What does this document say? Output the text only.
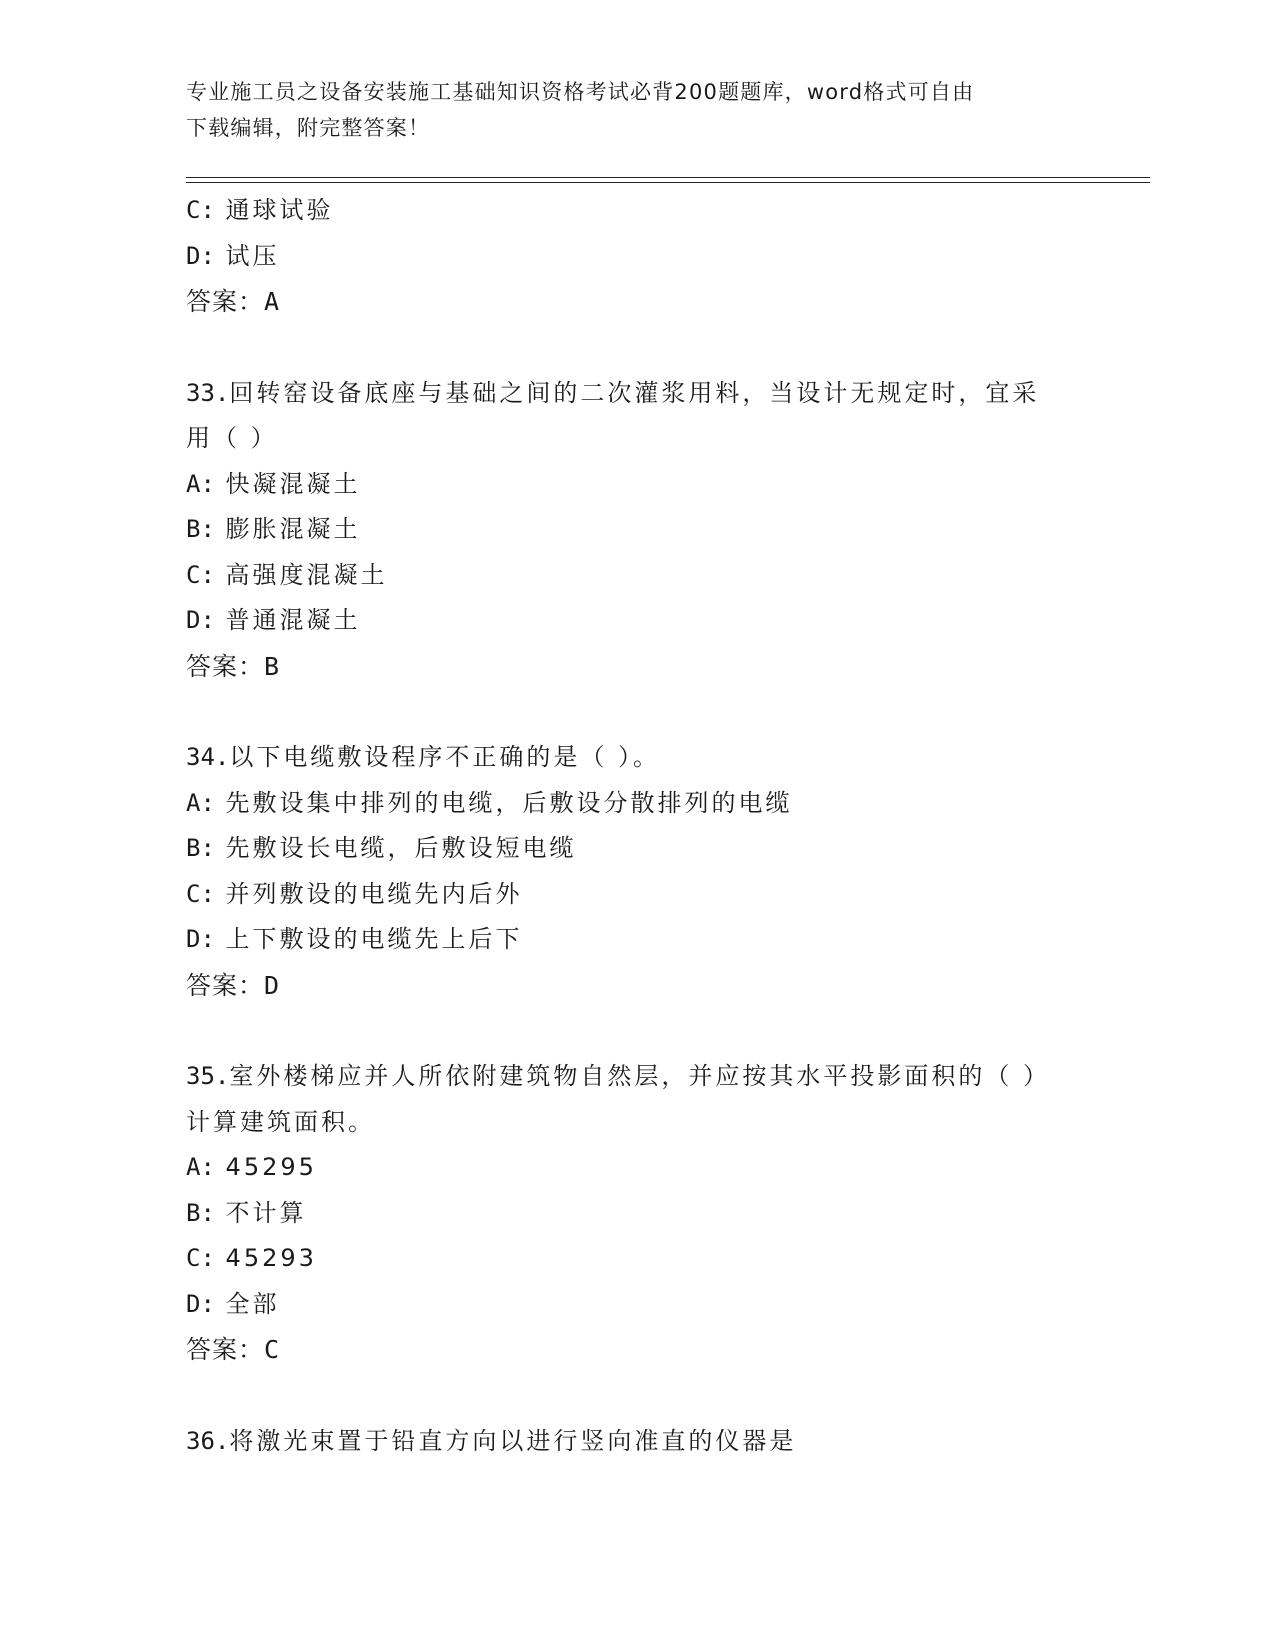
专业施工员之设备安装施工基础知识资格考试必背200题题库，word格式可自由
下载编辑，附完整答案！
C: 通球试验
D: 试压
答案：A
33.回转窑设备底座与基础之间的二次灌浆用料，当设计无规定时，宜采用（ ）
A: 快凝混凝土
B: 膨胀混凝土
C: 高强度混凝土
D: 普通混凝土
答案：B
34.以下电缆敷设程序不正确的是（ ）。
A: 先敷设集中排列的电缆，后敷设分散排列的电缆
B: 先敷设长电缆，后敷设短电缆
C: 并列敷设的电缆先内后外
D: 上下敷设的电缆先上后下
答案：D
35.室外楼梯应并人所依附建筑物自然层，并应按其水平投影面积的（ ）计算建筑面积。
A: 45295
B: 不计算
C: 45293
D: 全部
答案：C
36.将激光束置于铅直方向以进行竖向准直的仪器是
